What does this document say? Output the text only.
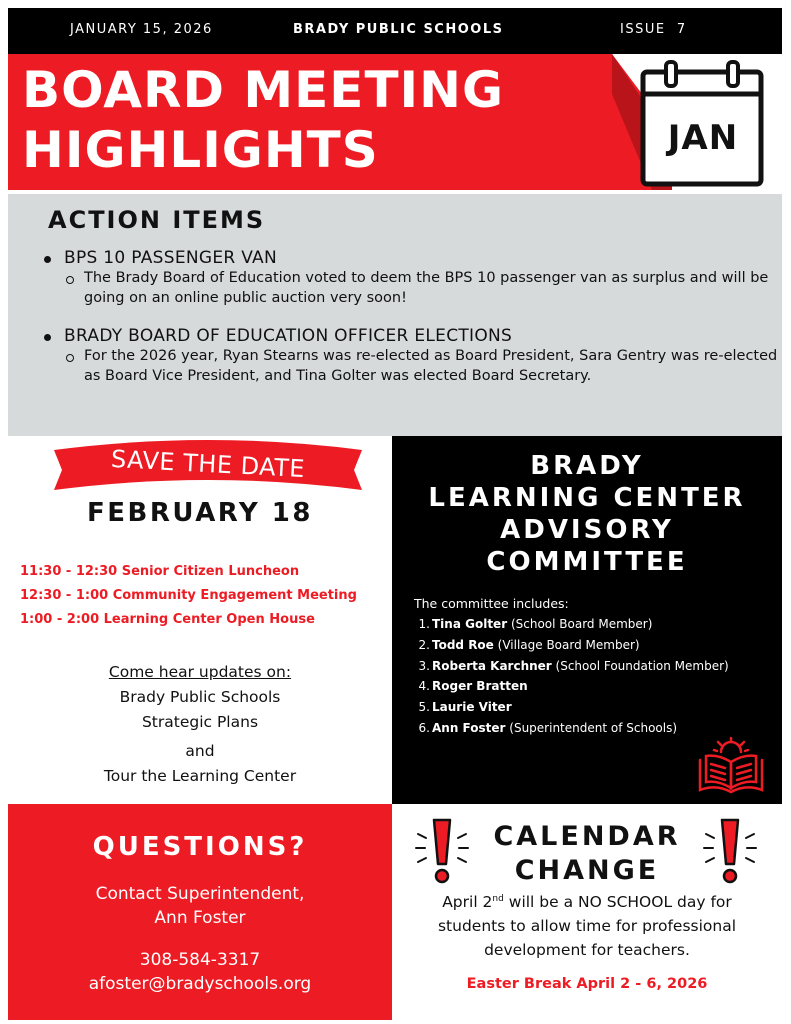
JANUARY 15, 2026	BRADY PUBLIC SCHOOLS	ISSUE  7
BOARD MEETING
HIGHLIGHTS	JAN
ACTION ITEMS
BPS 10 PASSENGER VAN
The Brady Board of Education voted to deem the BPS 10 passenger van as surplus and will be going on an online public auction very soon!
BRADY BOARD OF EDUCATION OFFICER ELECTIONS
For the 2026 year, Ryan Stearns was re-elected as Board President, Sara Gentry was re-elected as Board Vice President, and Tina Golter was elected Board Secretary.
SAVE THE DATE
FEBRUARY 18
11:30 - 12:30 Senior Citizen Luncheon
12:30 - 1:00 Community Engagement Meeting
1:00 - 2:00 Learning Center Open House
Come hear updates on:
Brady Public Schools
Strategic Plans
and
Tour the Learning Center
BRADY
LEARNING CENTER
ADVISORY
COMMITTEE
The committee includes:
1. Tina Golter (School Board Member)
2. Todd Roe (Village Board Member)
3. Roberta Karchner (School Foundation Member)
4. Roger Bratten
5. Laurie Viter
6. Ann Foster (Superintendent of Schools)
QUESTIONS?
Contact Superintendent,
Ann Foster
308-584-3317
afoster@bradyschools.org
CALENDAR
CHANGE
April 2nd will be a NO SCHOOL day for
students to allow time for professional
development for teachers.
Easter Break April 2 - 6, 2026
